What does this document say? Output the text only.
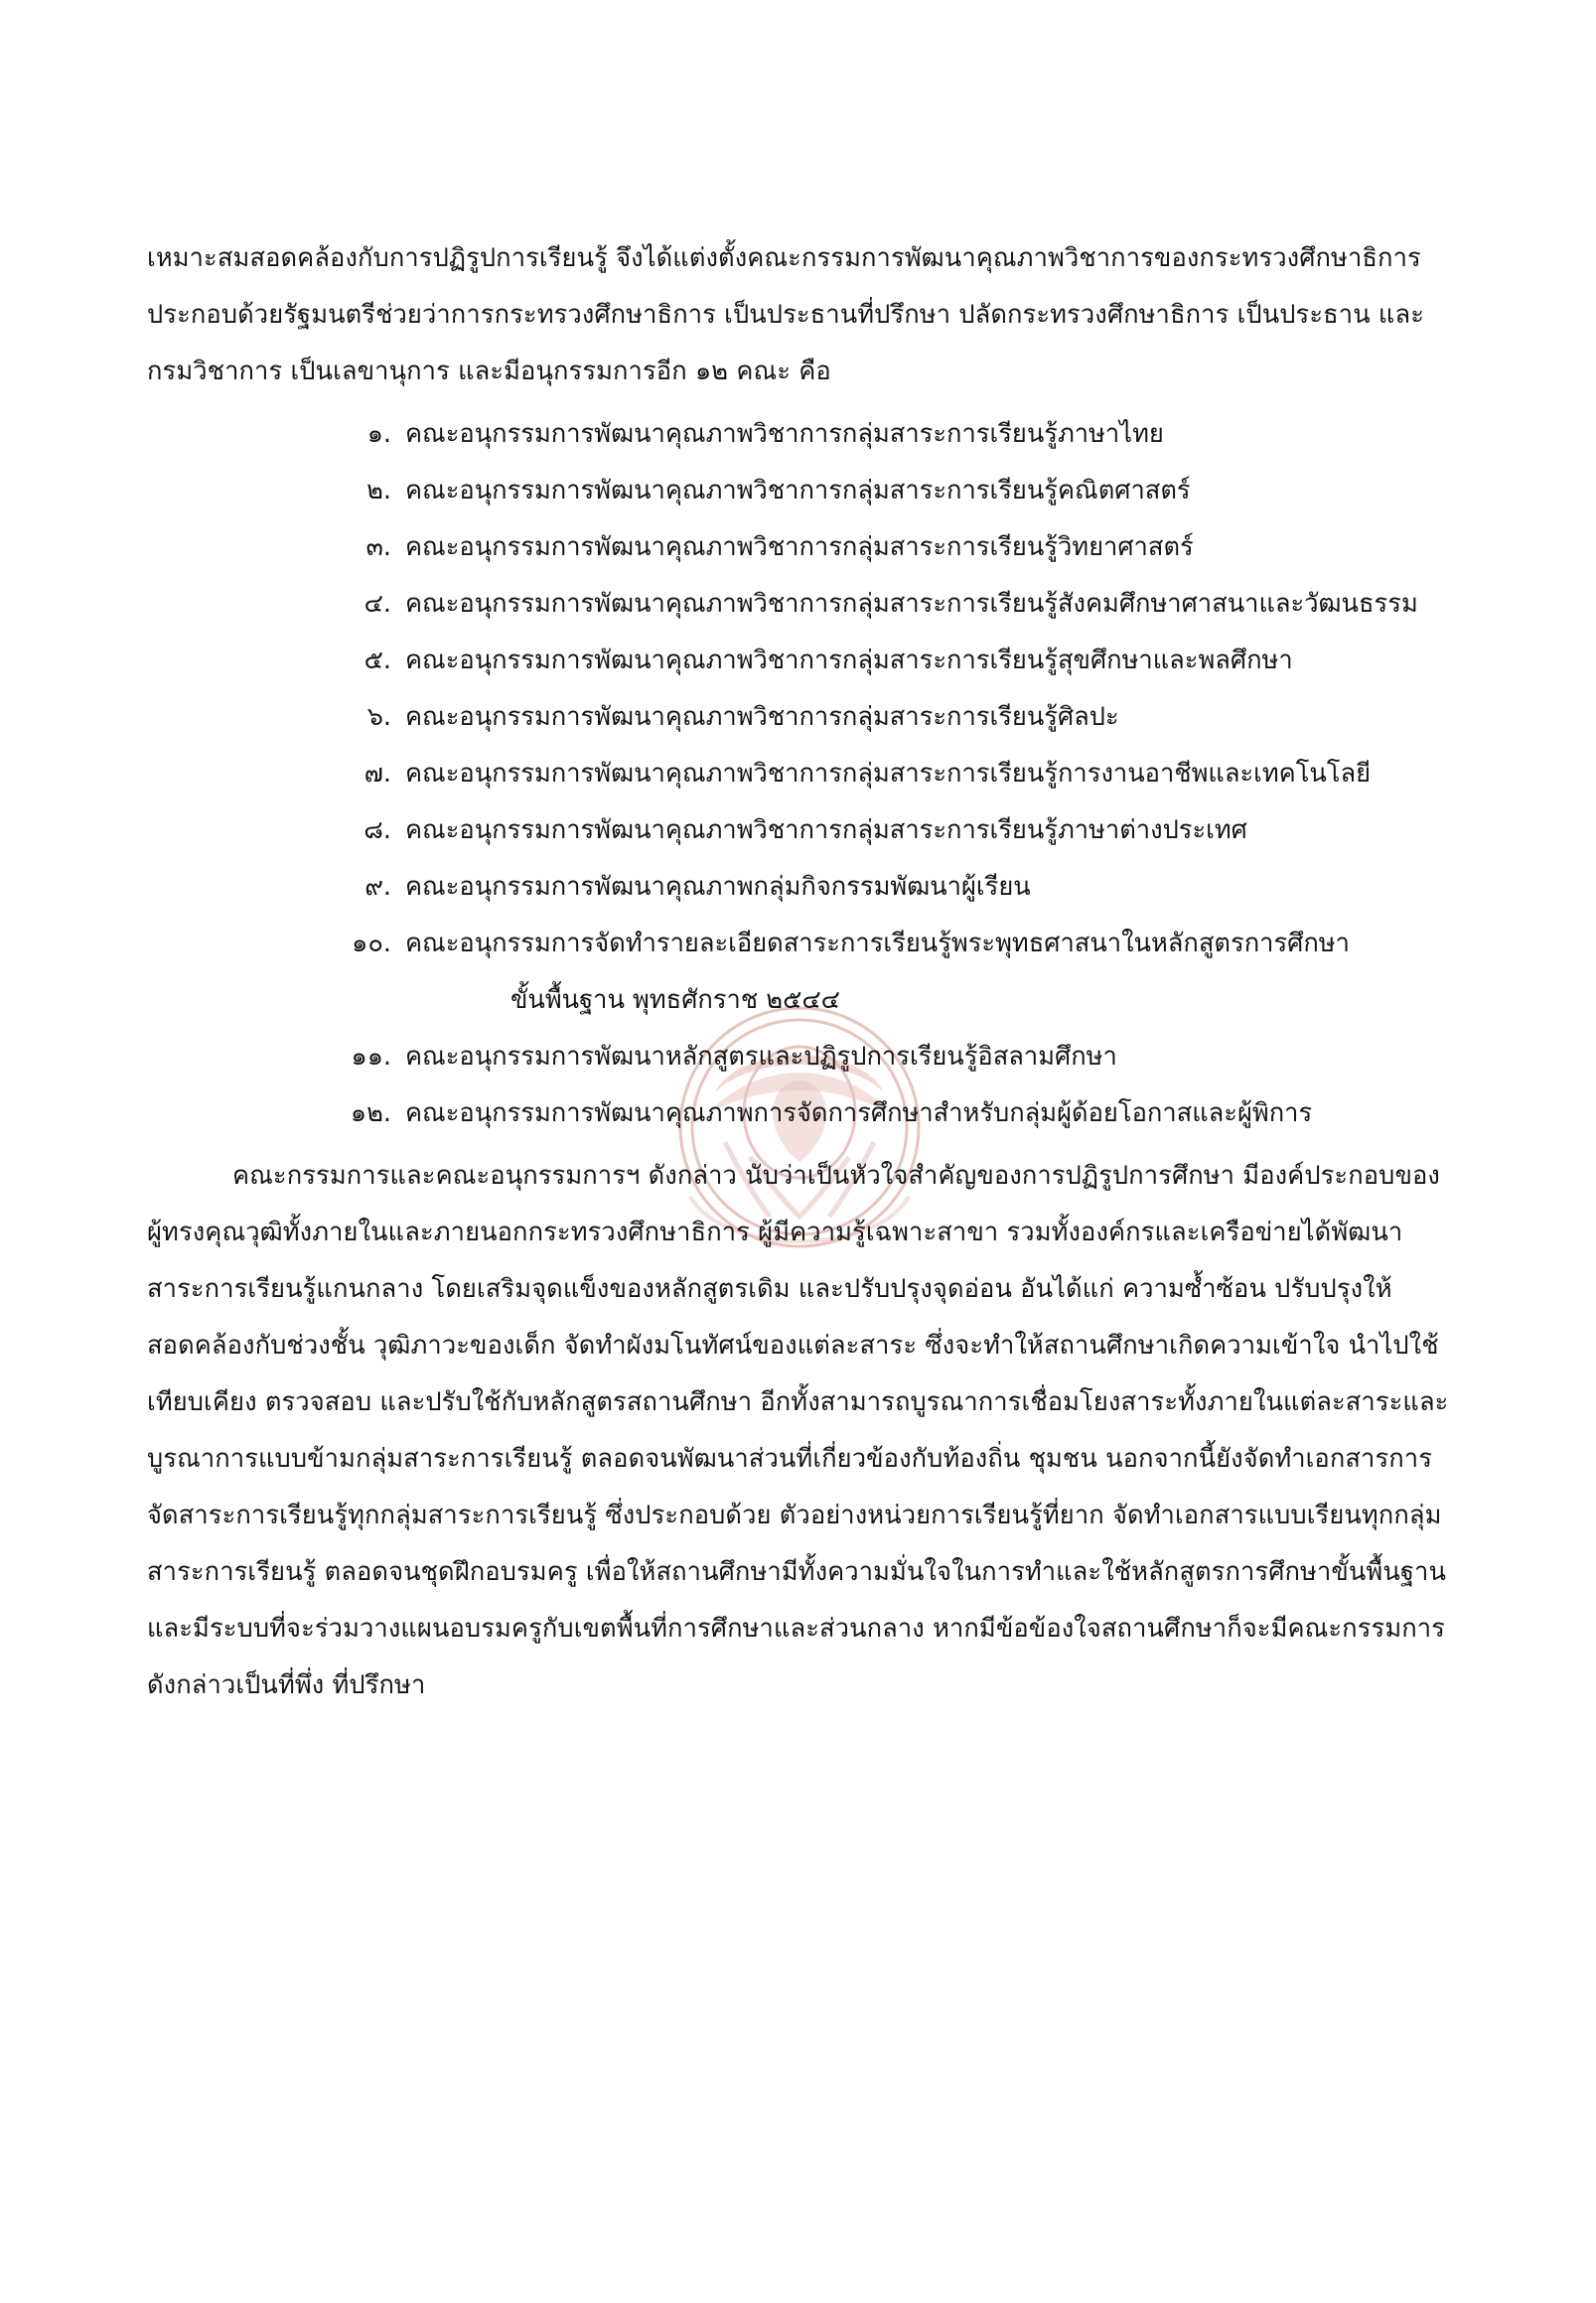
เหมาะสมสอดคล้องกับการปฏิรูปการเรียนรู้ จึงได้แต่งตั้งคณะกรรมการพัฒนาคุณภาพวิชาการของกระทรวงศึกษาธิการ ประกอบด้วยรัฐมนตรีช่วยว่าการกระทรวงศึกษาธิการ เป็นประธานที่ปรึกษา ปลัดกระทรวงศึกษาธิการ เป็นประธาน และกรมวิชาการ เป็นเลขานุการ และมีอนุกรรมการอีก ๑๒ คณะ คือ

๑. คณะอนุกรรมการพัฒนาคุณภาพวิชาการกลุ่มสาระการเรียนรู้ภาษาไทย
๒. คณะอนุกรรมการพัฒนาคุณภาพวิชาการกลุ่มสาระการเรียนรู้คณิตศาสตร์
๓. คณะอนุกรรมการพัฒนาคุณภาพวิชาการกลุ่มสาระการเรียนรู้วิทยาศาสตร์
๔. คณะอนุกรรมการพัฒนาคุณภาพวิชาการกลุ่มสาระการเรียนรู้สังคมศึกษาศาสนาและวัฒนธรรม
๕. คณะอนุกรรมการพัฒนาคุณภาพวิชาการกลุ่มสาระการเรียนรู้สุขศึกษาและพลศึกษา
๖. คณะอนุกรรมการพัฒนาคุณภาพวิชาการกลุ่มสาระการเรียนรู้ศิลปะ
๗. คณะอนุกรรมการพัฒนาคุณภาพวิชาการกลุ่มสาระการเรียนรู้การงานอาชีพและเทคโนโลยี
๘. คณะอนุกรรมการพัฒนาคุณภาพวิชาการกลุ่มสาระการเรียนรู้ภาษาต่างประเทศ
๙. คณะอนุกรรมการพัฒนาคุณภาพกลุ่มกิจกรรมพัฒนาผู้เรียน
๑๐. คณะอนุกรรมการจัดทำรายละเอียดสาระการเรียนรู้พระพุทธศาสนาในหลักสูตรการศึกษา
ขั้นพื้นฐาน พุทธศักราช ๒๕๔๔
๑๑. คณะอนุกรรมการพัฒนาหลักสูตรและปฏิรูปการเรียนรู้อิสลามศึกษา
๑๒. คณะอนุกรรมการพัฒนาคุณภาพการจัดการศึกษาสำหรับกลุ่มผู้ด้อยโอกาสและผู้พิการ

คณะกรรมการและคณะอนุกรรมการฯ ดังกล่าว นับว่าเป็นหัวใจสำคัญของการปฏิรูปการศึกษา มีองค์ประกอบของผู้ทรงคุณวุฒิทั้งภายในและภายนอกกระทรวงศึกษาธิการ ผู้มีความรู้เฉพาะสาขา รวมทั้งองค์กรและเครือข่ายได้พัฒนาสาระการเรียนรู้แกนกลาง โดยเสริมจุดแข็งของหลักสูตรเดิม และปรับปรุงจุดอ่อน อันได้แก่ ความซ้ำซ้อน ปรับปรุงให้สอดคล้องกับช่วงชั้น วุฒิภาวะของเด็ก จัดทำผังมโนทัศน์ของแต่ละสาระ ซึ่งจะทำให้สถานศึกษาเกิดความเข้าใจ นำไปใช้เทียบเคียง ตรวจสอบ และปรับใช้กับหลักสูตรสถานศึกษา อีกทั้งสามารถบูรณาการเชื่อมโยงสาระทั้งภายในแต่ละสาระและบูรณาการแบบข้ามกลุ่มสาระการเรียนรู้ ตลอดจนพัฒนาส่วนที่เกี่ยวข้องกับท้องถิ่น ชุมชน นอกจากนี้ยังจัดทำเอกสารการจัดสาระการเรียนรู้ทุกกลุ่มสาระการเรียนรู้ ซึ่งประกอบด้วย ตัวอย่างหน่วยการเรียนรู้ที่ยาก จัดทำเอกสารแบบเรียนทุกกลุ่มสาระการเรียนรู้ ตลอดจนชุดฝึกอบรมครู เพื่อให้สถานศึกษามีทั้งความมั่นใจในการทำและใช้หลักสูตรการศึกษาขั้นพื้นฐาน และมีระบบที่จะร่วมวางแผนอบรมครูกับเขตพื้นที่การศึกษาและส่วนกลาง หากมีข้อข้องใจสถานศึกษาก็จะมีคณะกรรมการดังกล่าวเป็นที่พึ่ง ที่ปรึกษา
